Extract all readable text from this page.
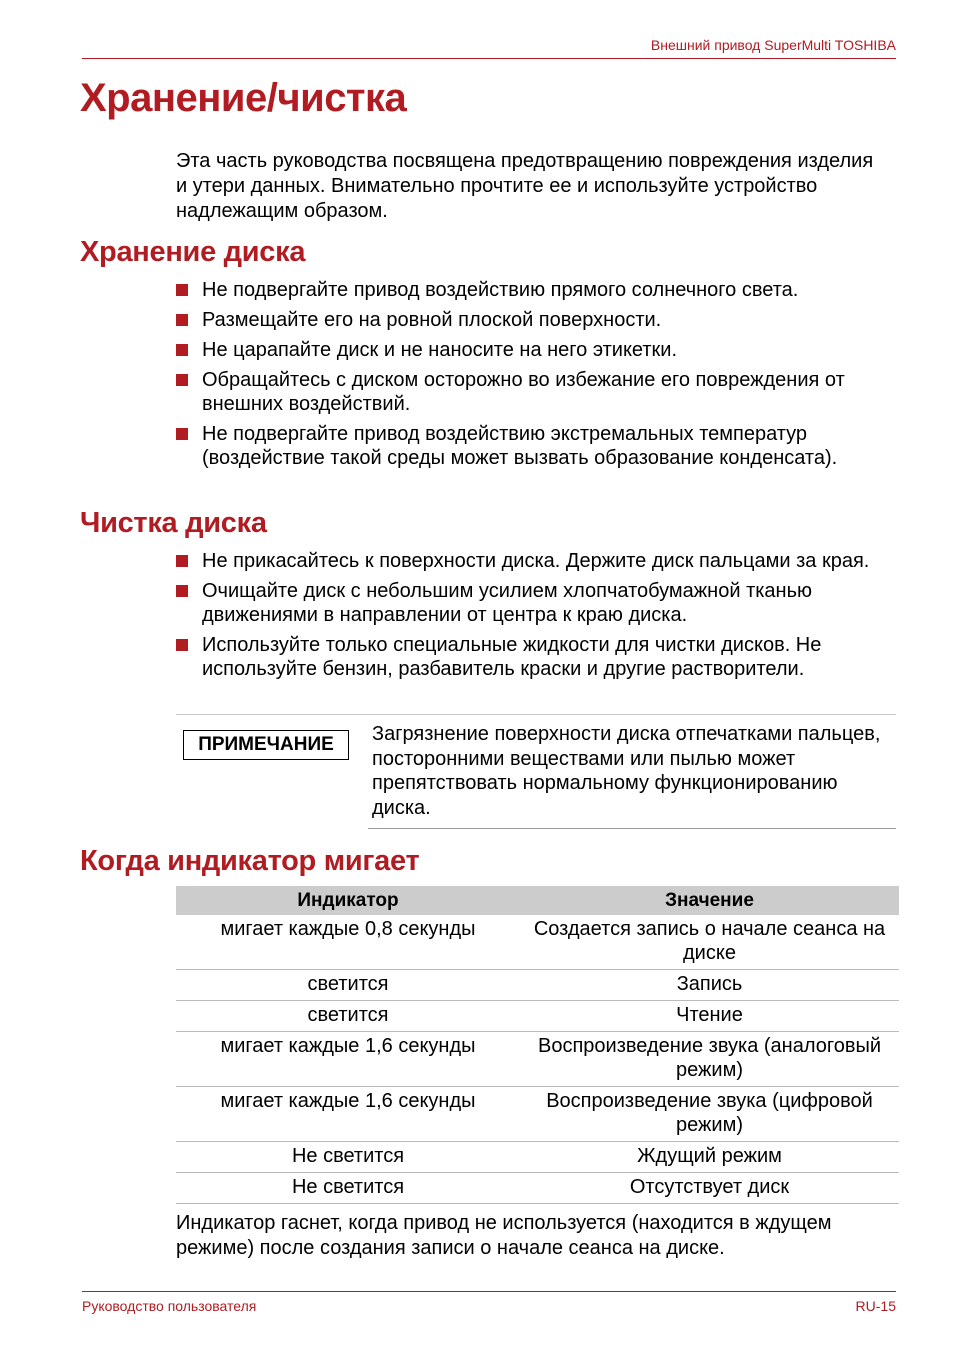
Внешний привод SuperMulti TOSHIBA
Хранение/чистка

Эта часть руководства посвящена предотвращению повреждения изделия и утери данных. Внимательно прочтите ее и используйте устройство надлежащим образом.

Хранение диска
Не подвергайте привод воздействию прямого солнечного света.
Размещайте его на ровной плоской поверхности.
Не царапайте диск и не наносите на него этикетки.
Обращайтесь с диском осторожно во избежание его повреждения от внешних воздействий.
Не подвергайте привод воздействию экстремальных температур (воздействие такой среды может вызвать образование конденсата).
Чистка диска
Не прикасайтесь к поверхности диска. Держите диск пальцами за края.
Очищайте диск с небольшим усилием хлопчатобумажной тканью движениями в направлении от центра к краю диска.
Используйте только специальные жидкости для чистки дисков. Не используйте бензин, разбавитель краски и другие растворители.
ПРИМЕЧАНИЕ	Загрязнение поверхности диска отпечатками пальцев, посторонними веществами или пылью может препятствовать нормальному функционированию диска.

Когда индикатор мигает
Индикатор	Значение
мигает каждые 0,8 секунды	Создается запись о начале сеанса на диске
светится	Запись
светится	Чтение
мигает каждые 1,6 секунды	Воспроизведение звука (аналоговый режим)
мигает каждые 1,6 секунды	Воспроизведение звука (цифровой режим)
Не светится	Ждущий режим
Не светится	Отсутствует диск

Индикатор гаснет, когда привод не используется (находится в ждущем режиме) после создания записи о начале сеанса на диске.

Руководство пользователя	RU-15
